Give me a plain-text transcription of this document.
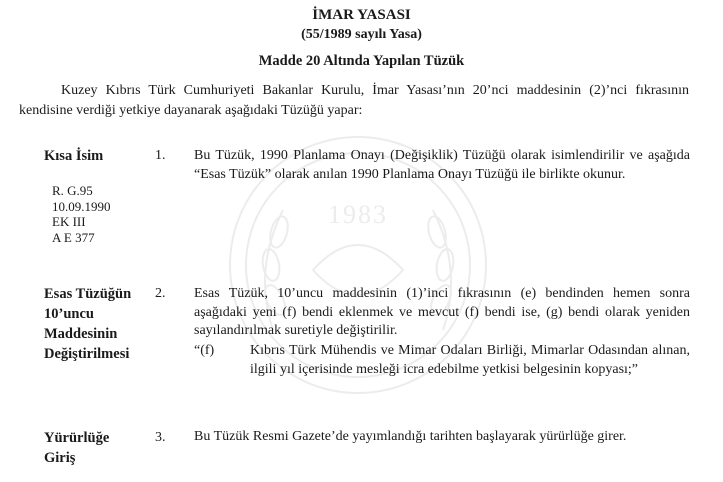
1983
İMAR YASASI
(55/1989 sayılı Yasa)
Madde 20 Altında Yapılan Tüzük
Kuzey Kıbrıs Türk Cumhuriyeti Bakanlar Kurulu, İmar Yasası’nın 20’nci maddesinin (2)’nci fıkrasının kendisine verdiği yetkiye dayanarak aşağıdaki Tüzüğü yapar:
Kısa İsim
R. G.95
10.09.1990
EK III
A E 377
1. Bu Tüzük, 1990 Planlama Onayı (Değişiklik) Tüzüğü olarak isimlendirilir ve aşağıda “Esas Tüzük” olarak anılan 1990 Planlama Onayı Tüzüğü ile birlikte okunur.
Esas Tüzüğün
10’uncu
Maddesinin
Değiştirilmesi
2. Esas Tüzük, 10’uncu maddesinin (1)’inci fıkrasının (e) bendinden hemen sonra aşağıdaki yeni (f) bendi eklenmek ve mevcut (f) bendi ise, (g) bendi olarak yeniden sayılandırılmak suretiyle değiştirilir.
“(f)	Kıbrıs Türk Mühendis ve Mimar Odaları Birliği, Mimarlar Odasından alınan, ilgili yıl içerisinde mesleği icra edebilme yetkisi belgesinin kopyası;”
Yürürlüğe
Giriş
3. Bu Tüzük Resmi Gazete’de yayımlandığı tarihten başlayarak yürürlüğe girer.
